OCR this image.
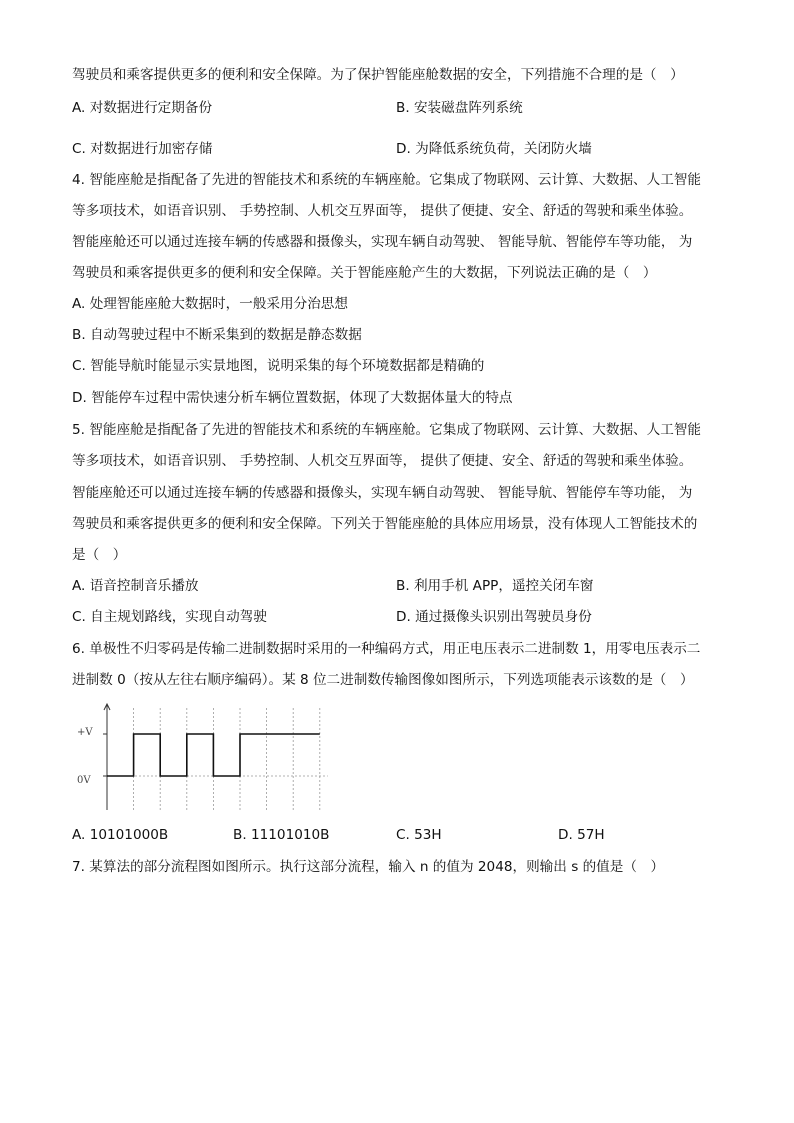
驾驶员和乘客提供更多的便利和安全保障。为了保护智能座舱数据的安全，下列措施不合理的是（　）
A. 对数据进行定期备份	B. 安装磁盘阵列系统
C. 对数据进行加密存储	D. 为降低系统负荷，关闭防火墙
4. 智能座舱是指配备了先进的智能技术和系统的车辆座舱。它集成了物联网、云计算、大数据、人工智能
等多项技术，如语音识别、 手势控制、人机交互界面等， 提供了便捷、安全、舒适的驾驶和乘坐体验。
智能座舱还可以通过连接车辆的传感器和摄像头，实现车辆自动驾驶、 智能导航、智能停车等功能， 为
驾驶员和乘客提供更多的便利和安全保障。关于智能座舱产生的大数据，下列说法正确的是（　）
A. 处理智能座舱大数据时，一般采用分治思想
B. 自动驾驶过程中不断采集到的数据是静态数据
C. 智能导航时能显示实景地图，说明采集的每个环境数据都是精确的
D. 智能停车过程中需快速分析车辆位置数据，体现了大数据体量大的特点
5. 智能座舱是指配备了先进的智能技术和系统的车辆座舱。它集成了物联网、云计算、大数据、人工智能
等多项技术，如语音识别、 手势控制、人机交互界面等， 提供了便捷、安全、舒适的驾驶和乘坐体验。
智能座舱还可以通过连接车辆的传感器和摄像头，实现车辆自动驾驶、 智能导航、智能停车等功能， 为
驾驶员和乘客提供更多的便利和安全保障。下列关于智能座舱的具体应用场景，没有体现人工智能技术的
是（　）
A. 语音控制音乐播放	B. 利用手机 APP，遥控关闭车窗
C. 自主规划路线，实现自动驾驶	D. 通过摄像头识别出驾驶员身份
6. 单极性不归零码是传输二进制数据时采用的一种编码方式，用正电压表示二进制数 1，用零电压表示二
进制数 0（按从左往右顺序编码）。某 8 位二进制数传输图像如图所示，下列选项能表示该数的是（　）
+V
0V
A. 10101000B	B. 11101010B	C. 53H	D. 57H
7. 某算法的部分流程图如图所示。执行这部分流程，输入 n 的值为 2048，则输出 s 的值是（　）
